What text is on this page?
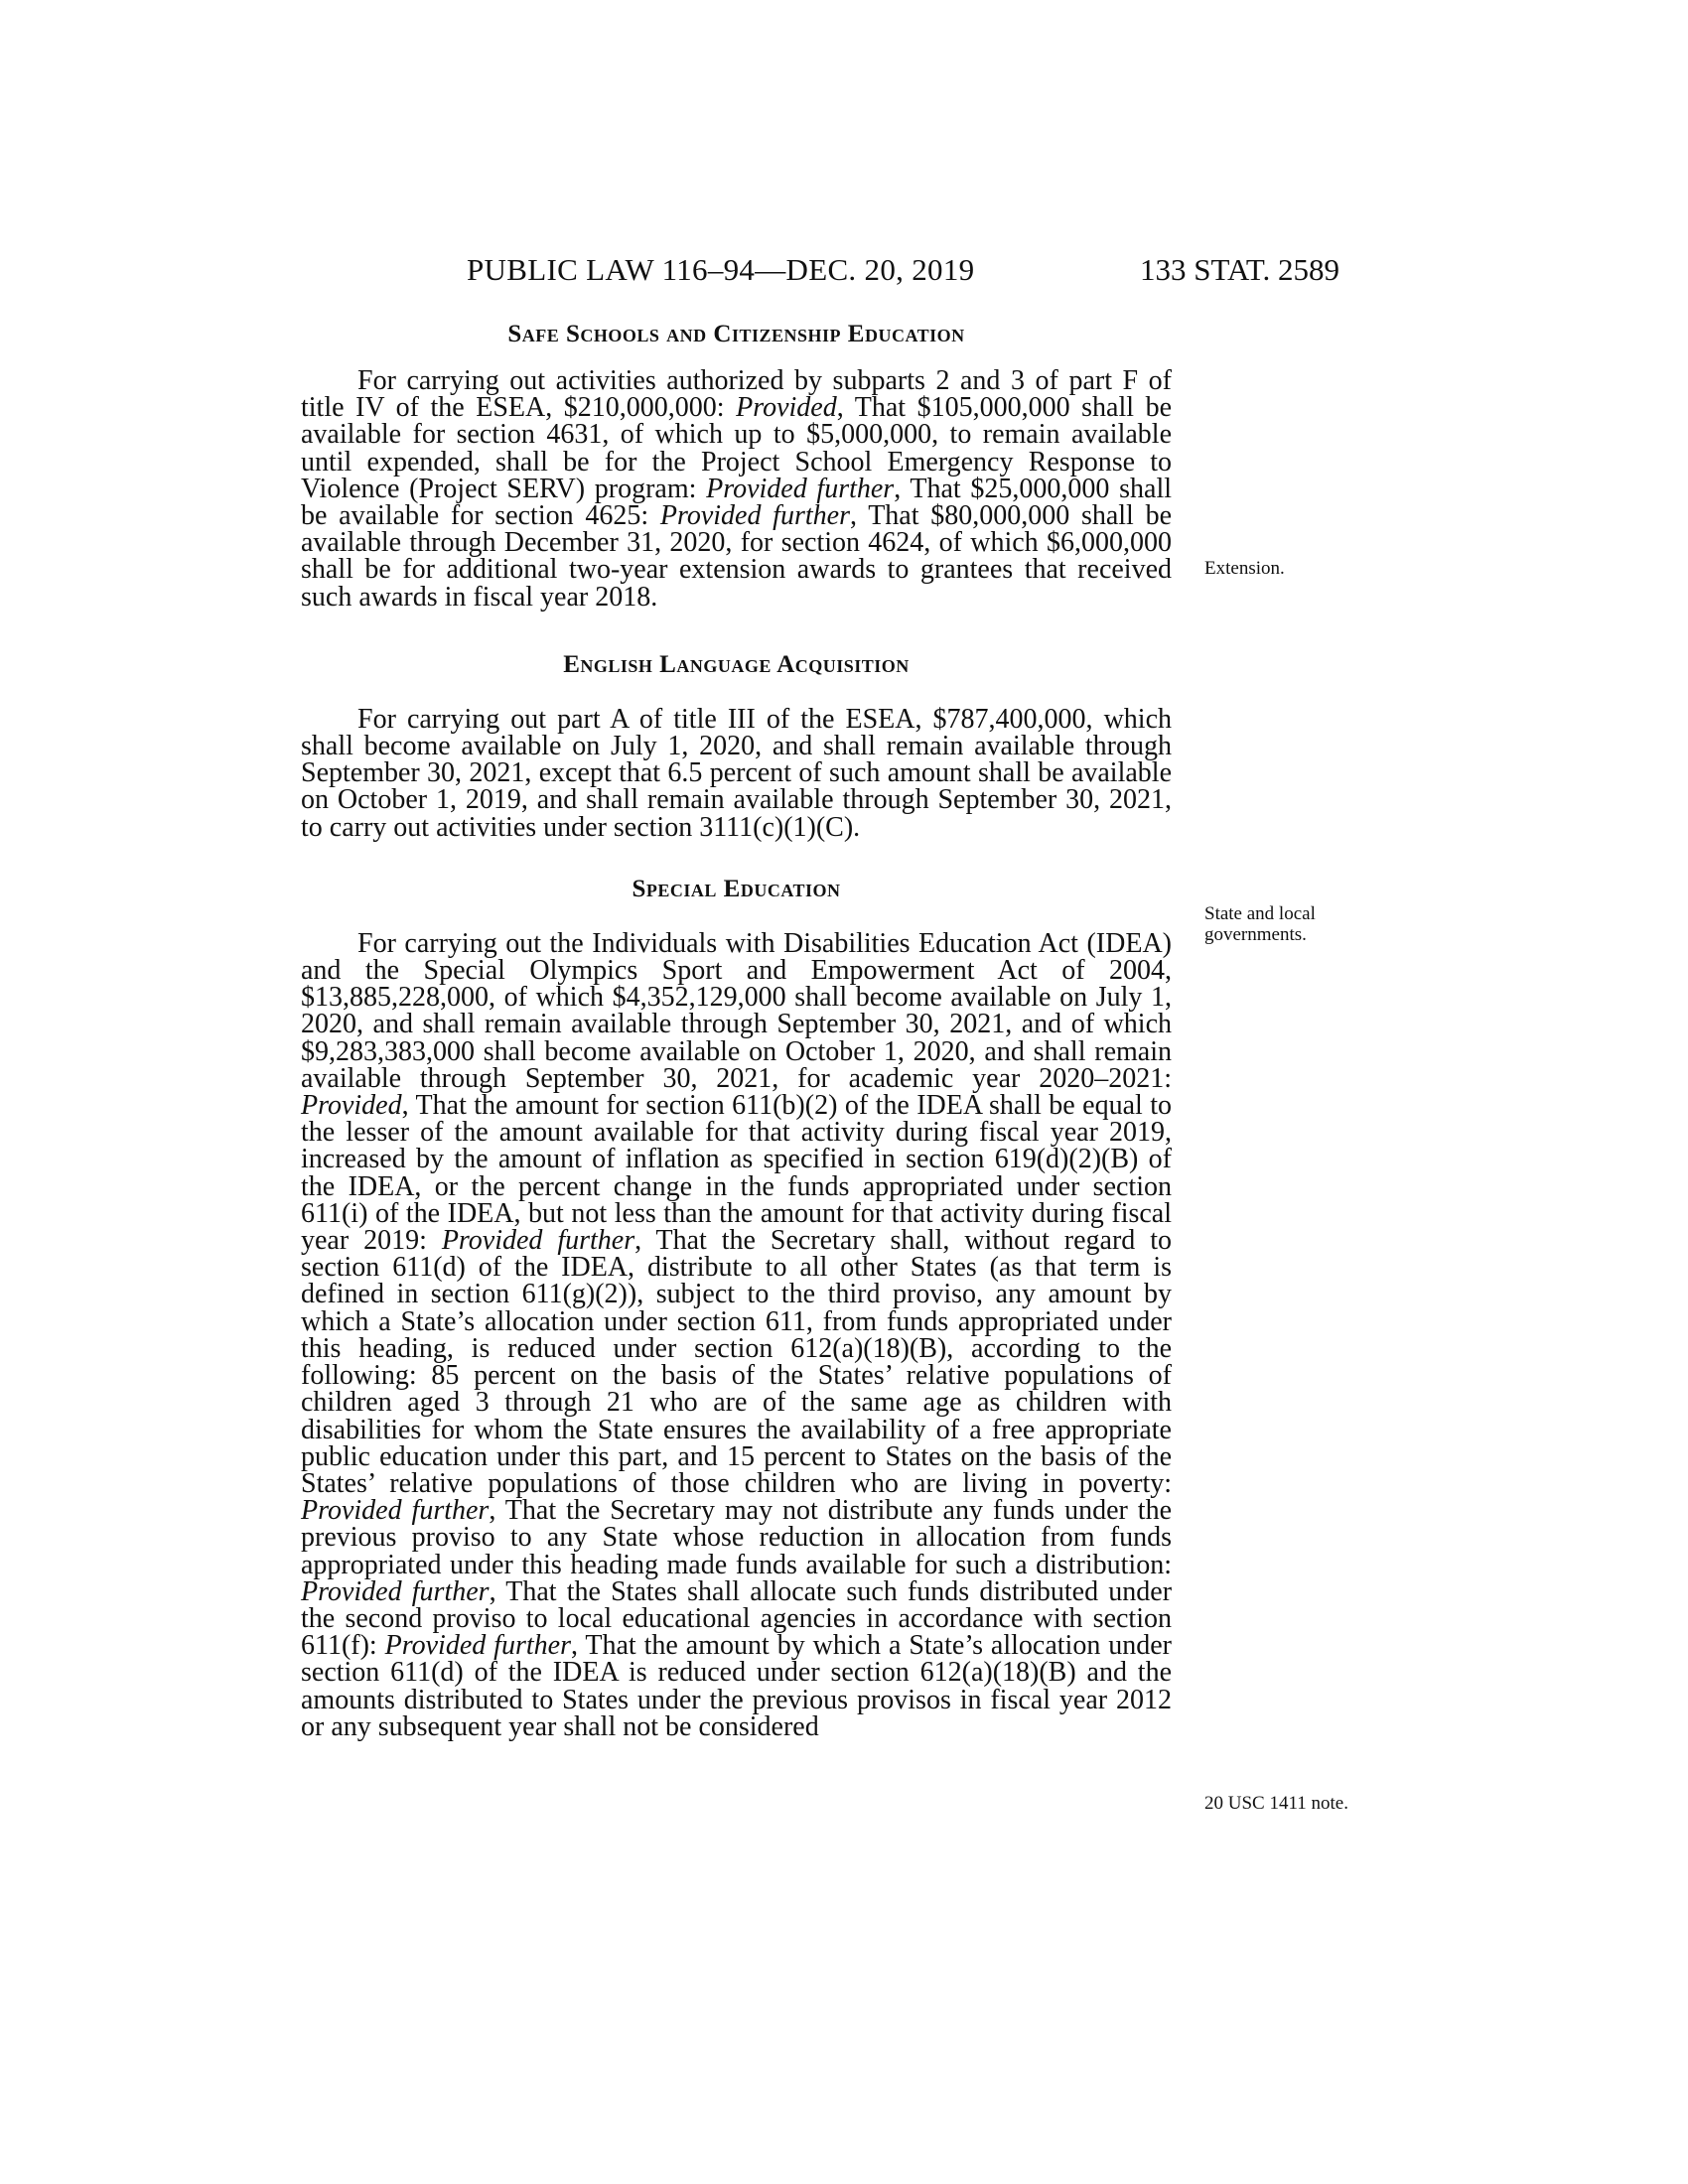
PUBLIC LAW 116–94—DEC. 20, 2019	133 STAT. 2589
Safe Schools and Citizenship Education

For carrying out activities authorized by subparts 2 and 3 of part F of title IV of the ESEA, $210,000,000: Provided, That $105,000,000 shall be available for section 4631, of which up to $5,000,000, to remain available until expended, shall be for the Project School Emergency Response to Violence (Project SERV) program: Provided further, That $25,000,000 shall be available for section 4625: Provided further, That $80,000,000 shall be available through December 31, 2020, for section 4624, of which $6,000,000 shall be for additional two-year extension awards to grantees that received such awards in fiscal year 2018.

English Language Acquisition

For carrying out part A of title III of the ESEA, $787,400,000, which shall become available on July 1, 2020, and shall remain available through September 30, 2021, except that 6.5 percent of such amount shall be available on October 1, 2019, and shall remain available through September 30, 2021, to carry out activities under section 3111(c)(1)(C).

Special Education

For carrying out the Individuals with Disabilities Education Act (IDEA) and the Special Olympics Sport and Empowerment Act of 2004, $13,885,228,000, of which $4,352,129,000 shall become available on July 1, 2020, and shall remain available through September 30, 2021, and of which $9,283,383,000 shall become available on October 1, 2020, and shall remain available through September 30, 2021, for academic year 2020–2021: Provided, That the amount for section 611(b)(2) of the IDEA shall be equal to the lesser of the amount available for that activity during fiscal year 2019, increased by the amount of inflation as specified in section 619(d)(2)(B) of the IDEA, or the percent change in the funds appropriated under section 611(i) of the IDEA, but not less than the amount for that activity during fiscal year 2019: Provided further, That the Secretary shall, without regard to section 611(d) of the IDEA, distribute to all other States (as that term is defined in section 611(g)(2)), subject to the third proviso, any amount by which a State’s allocation under section 611, from funds appropriated under this heading, is reduced under section 612(a)(18)(B), according to the following: 85 percent on the basis of the States’ relative populations of children aged 3 through 21 who are of the same age as children with disabilities for whom the State ensures the availability of a free appropriate public education under this part, and 15 percent to States on the basis of the States’ relative populations of those children who are living in poverty: Provided further, That the Secretary may not distribute any funds under the previous proviso to any State whose reduction in allocation from funds appropriated under this heading made funds available for such a distribution: Provided further, That the States shall allocate such funds distributed under the second proviso to local educational agencies in accordance with section 611(f): Provided further, That the amount by which a State’s allocation under section 611(d) of the IDEA is reduced under section 612(a)(18)(B) and the amounts distributed to States under the previous provisos in fiscal year 2012 or any subsequent year shall not be considered

Extension.
State and local governments.
20 USC 1411 note.
